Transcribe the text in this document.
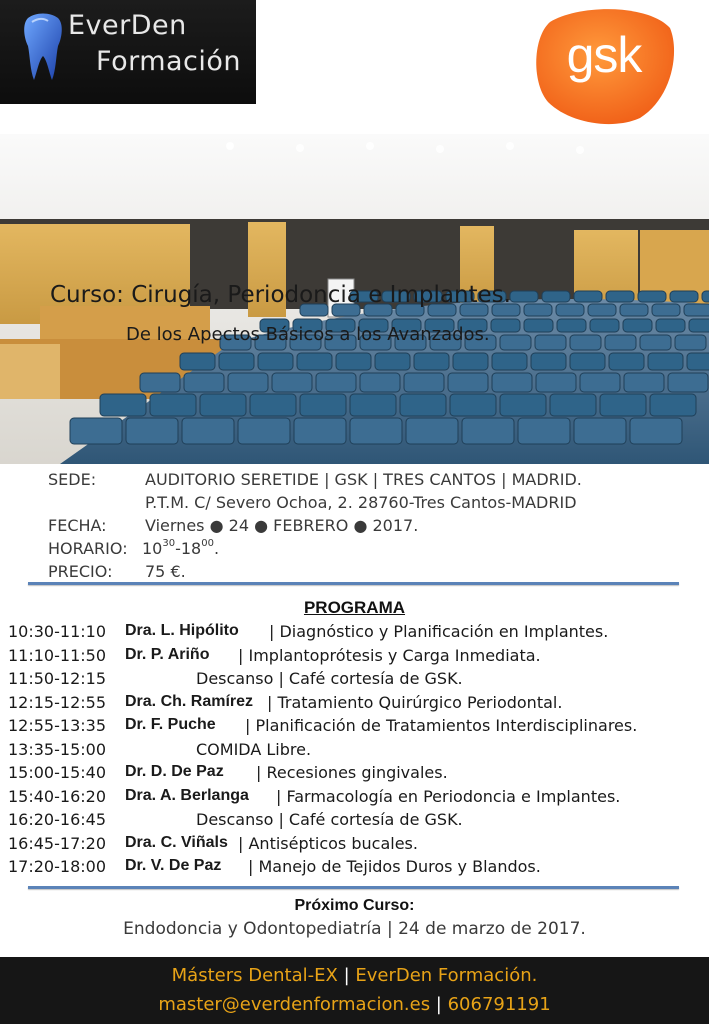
EverDen
Formación	gsk
Curso: Cirugía, Periodoncia e Implantes.
De los Apectos Básicos a los Avanzados.
SEDE:	AUDITORIO SERETIDE | GSK | TRES CANTOS | MADRID.
P.T.M. C/ Severo Ochoa, 2. 28760-Tres Cantos-MADRID
FECHA: Viernes ● 24 ● FEBRERO ● 2017.
HORARIO: $10^{30}-18^{00}$.
PRECIO: 75 €.
PROGRAMA
10:30-11:10 Dra. L. Hipólito | Diagnóstico y Planificación en Implantes.
11:10-11:50 Dr. P. Ariño | Implantoprótesis y Carga Inmediata.
11:50-12:15	Descanso | Café cortesía de GSK.
12:15-12:55 Dra. Ch. Ramírez | Tratamiento Quirúrgico Periodontal.
12:55-13:35 Dr. F. Puche | Planificación de Tratamientos Interdisciplinares.
13:35-15:00	COMIDA Libre.
15:00-15:40 Dr. D. De Paz | Recesiones gingivales.
15:40-16:20 Dra. A. Berlanga | Farmacología en Periodoncia e Implantes.
16:20-16:45	Descanso | Café cortesía de GSK.
16:45-17:20 Dra. C. Viñals | Antisépticos bucales.
17:20-18:00 Dr. V. De Paz | Manejo de Tejidos Duros y Blandos.
Próximo Curso:
Endodoncia y Odontopediatría | 24 de marzo de 2017.
Másters Dental-EX | EverDen Formación.
master@everdenformacion.es | 606791191
